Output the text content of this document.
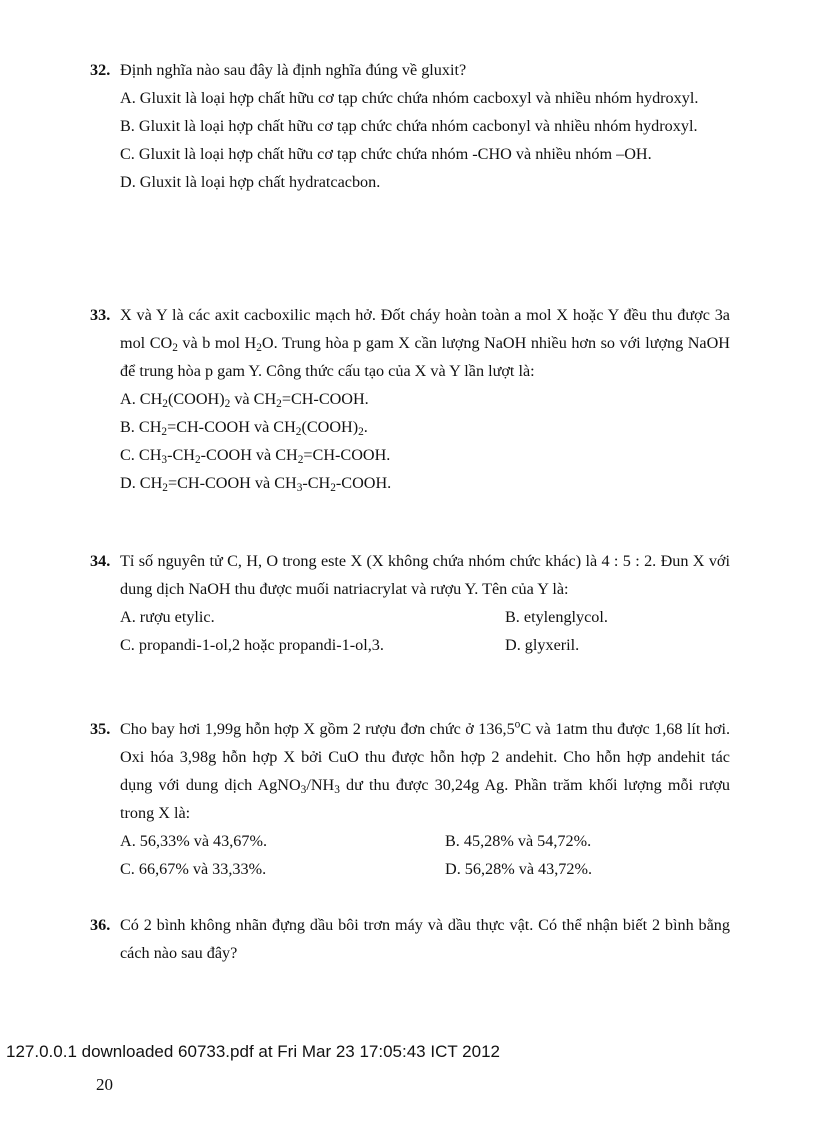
32. Định nghĩa nào sau đây là định nghĩa đúng về gluxit?
A. Gluxit là loại hợp chất hữu cơ tạp chức chứa nhóm cacboxyl và nhiều nhóm hydroxyl.
B. Gluxit là loại hợp chất hữu cơ tạp chức chứa nhóm cacbonyl và nhiều nhóm hydroxyl.
C. Gluxit là loại hợp chất hữu cơ tạp chức chứa nhóm -CHO và nhiều nhóm –OH.
D. Gluxit là loại hợp chất hydratcacbon.
33. X và Y là các axit cacboxilic mạch hở. Đốt cháy hoàn toàn a mol X hoặc Y đều thu được 3a mol $CO_2$ và b mol $H_2O$. Trung hòa p gam X cần lượng NaOH nhiều hơn so với lượng NaOH để trung hòa p gam Y. Công thức cấu tạo của X và Y lần lượt là:
A. $CH_2(COOH)_2$ và $CH_2=CH$-COOH.
B. $CH_2=CH$-COOH và $CH_2(COOH)_2$.
C. $CH_3-CH_2$-COOH và $CH_2=CH$-COOH.
D. $CH_2=CH$-COOH và $CH_3-CH_2$-COOH.
34. Tỉ số nguyên tử C, H, O trong este X (X không chứa nhóm chức khác) là 4 : 5 : 2. Đun X với dung dịch NaOH thu được muối natriacrylat và rượu Y. Tên của Y là:
A. rượu etylic.	B. etylenglycol.
C. propandi-1-ol,2 hoặc propandi-1-ol,3.	D. glyxeril.
35. Cho bay hơi 1,99g hỗn hợp X gồm 2 rượu đơn chức ở 136,5$^o$C và 1atm thu được 1,68 lít hơi. Oxi hóa 3,98g hỗn hợp X bởi CuO thu được hỗn hợp 2 andehit. Cho hỗn hợp andehit tác dụng với dung dịch $AgNO_3/NH_3$ dư thu được 30,24g Ag. Phần trăm khối lượng mỗi rượu trong X là:
A. 56,33% và 43,67%.	B. 45,28% và 54,72%.
C. 66,67% và 33,33%.	D. 56,28% và 43,72%.
36. Có 2 bình không nhãn đựng dầu bôi trơn máy và dầu thực vật. Có thể nhận biết 2 bình bằng cách nào sau đây?
127.0.0.1 downloaded 60733.pdf at Fri Mar 23 17:05:43 ICT 2012
20
